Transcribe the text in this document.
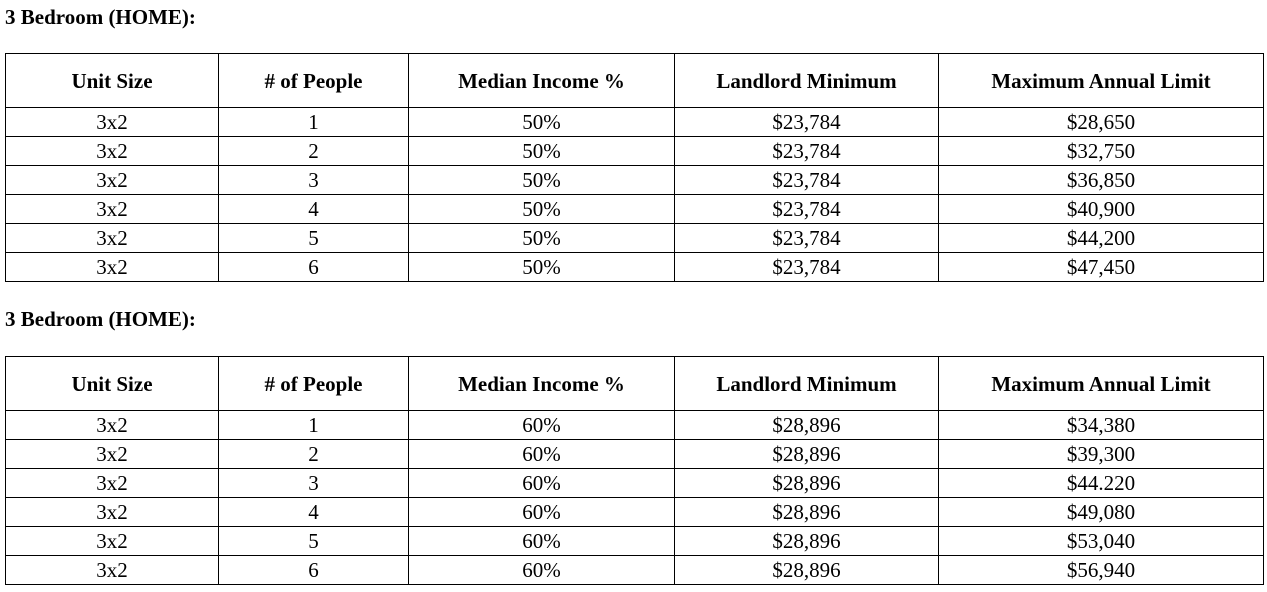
3 Bedroom (HOME):
Unit Size	# of People	Median Income %	Landlord Minimum	Maximum Annual Limit
3x2	1	50%	$23,784	$28,650
3x2	2	50%	$23,784	$32,750
3x2	3	50%	$23,784	$36,850
3x2	4	50%	$23,784	$40,900
3x2	5	50%	$23,784	$44,200
3x2	6	50%	$23,784	$47,450
3 Bedroom (HOME):
Unit Size	# of People	Median Income %	Landlord Minimum	Maximum Annual Limit
3x2	1	60%	$28,896	$34,380
3x2	2	60%	$28,896	$39,300
3x2	3	60%	$28,896	$44.220
3x2	4	60%	$28,896	$49,080
3x2	5	60%	$28,896	$53,040
3x2	6	60%	$28,896	$56,940
